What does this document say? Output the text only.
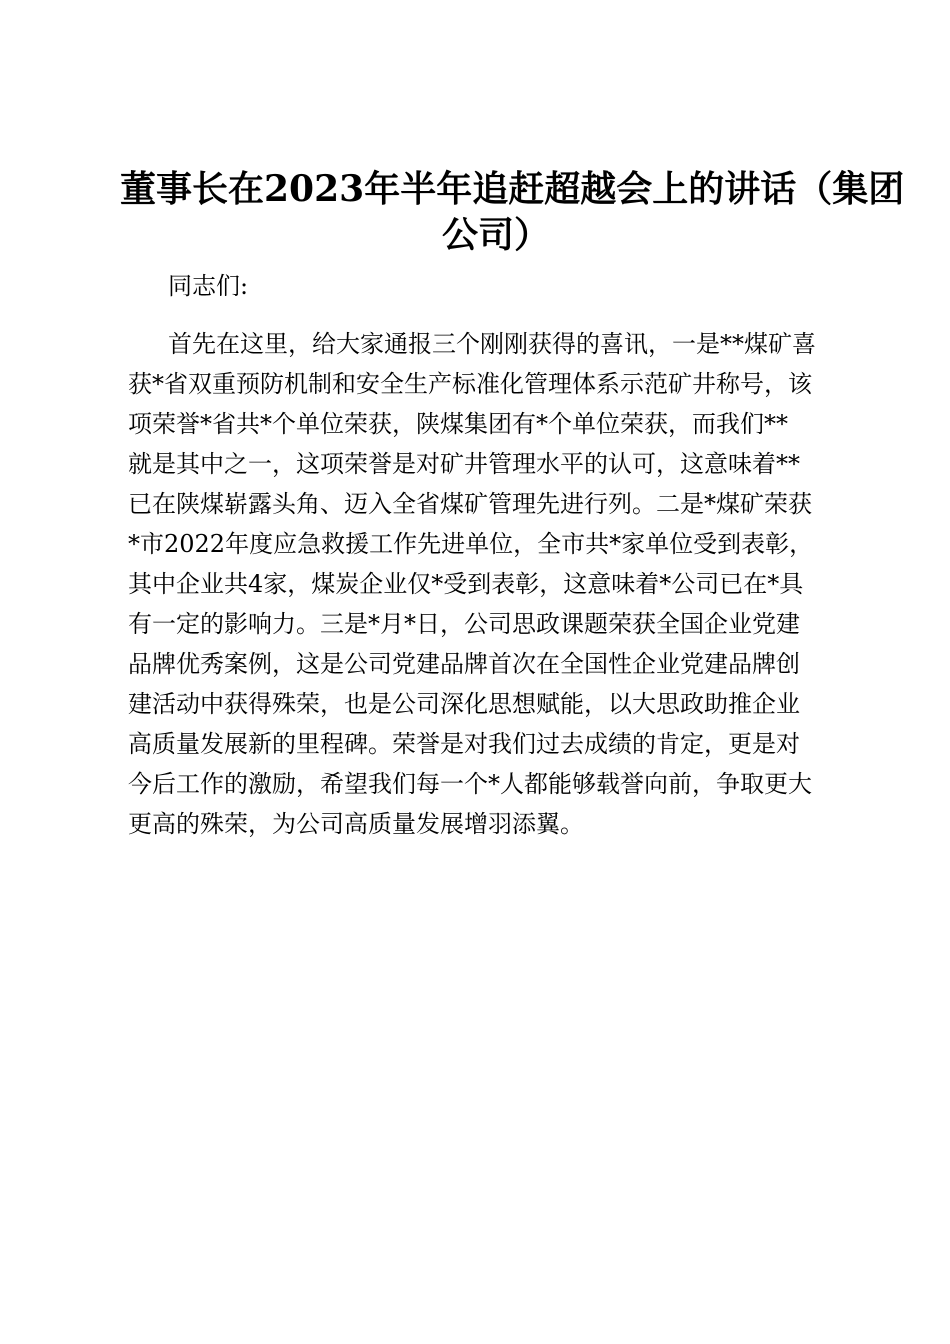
董事长在2023年半年追赶超越会上的讲话（集团
公司）
同志们:
首先在这里，给大家通报三个刚刚获得的喜讯，一是**煤矿喜
获*省双重预防机制和安全生产标准化管理体系示范矿井称号，该
项荣誉*省共*个单位荣获，陕煤集团有*个单位荣获，而我们**
就是其中之一，这项荣誉是对矿井管理水平的认可，这意味着**
已在陕煤崭露头角、迈入全省煤矿管理先进行列。二是*煤矿荣获
*市2022年度应急救援工作先进单位，全市共*家单位受到表彰，
其中企业共4家，煤炭企业仅*受到表彰，这意味着*公司已在*具
有一定的影响力。三是*月*日，公司思政课题荣获全国企业党建
品牌优秀案例，这是公司党建品牌首次在全国性企业党建品牌创
建活动中获得殊荣，也是公司深化思想赋能，以大思政助推企业
高质量发展新的里程碑。荣誉是对我们过去成绩的肯定，更是对
今后工作的激励，希望我们每一个*人都能够载誉向前，争取更大
更高的殊荣，为公司高质量发展增羽添翼。
